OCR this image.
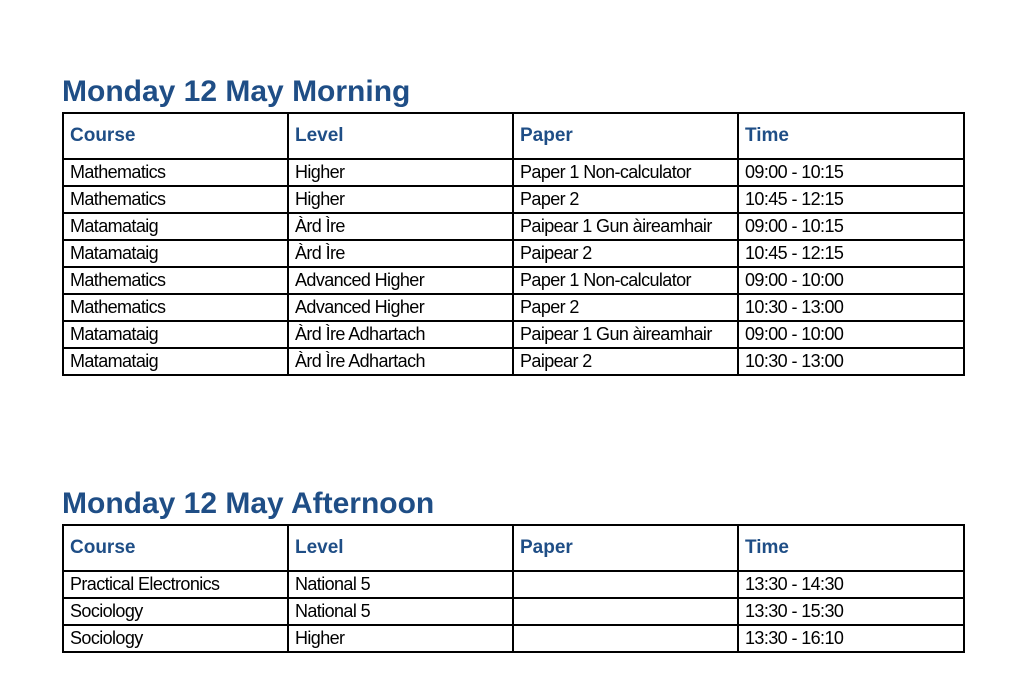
Monday 12 May Morning
Course	Level	Paper	Time
Mathematics	Higher	Paper 1 Non-calculator	09:00 - 10:15
Mathematics	Higher	Paper 2	10:45 - 12:15
Matamataig	Àrd Ìre	Paipear 1 Gun àireamhair	09:00 - 10:15
Matamataig	Àrd Ìre	Paipear 2	10:45 - 12:15
Mathematics	Advanced Higher	Paper 1 Non-calculator	09:00 - 10:00
Mathematics	Advanced Higher	Paper 2	10:30 - 13:00
Matamataig	Àrd Ìre Adhartach	Paipear 1 Gun àireamhair	09:00 - 10:00
Matamataig	Àrd Ìre Adhartach	Paipear 2	10:30 - 13:00
Monday 12 May Afternoon
Course	Level	Paper	Time
Practical Electronics	National 5		13:30 - 14:30
Sociology	National 5		13:30 - 15:30
Sociology	Higher		13:30 - 16:10
